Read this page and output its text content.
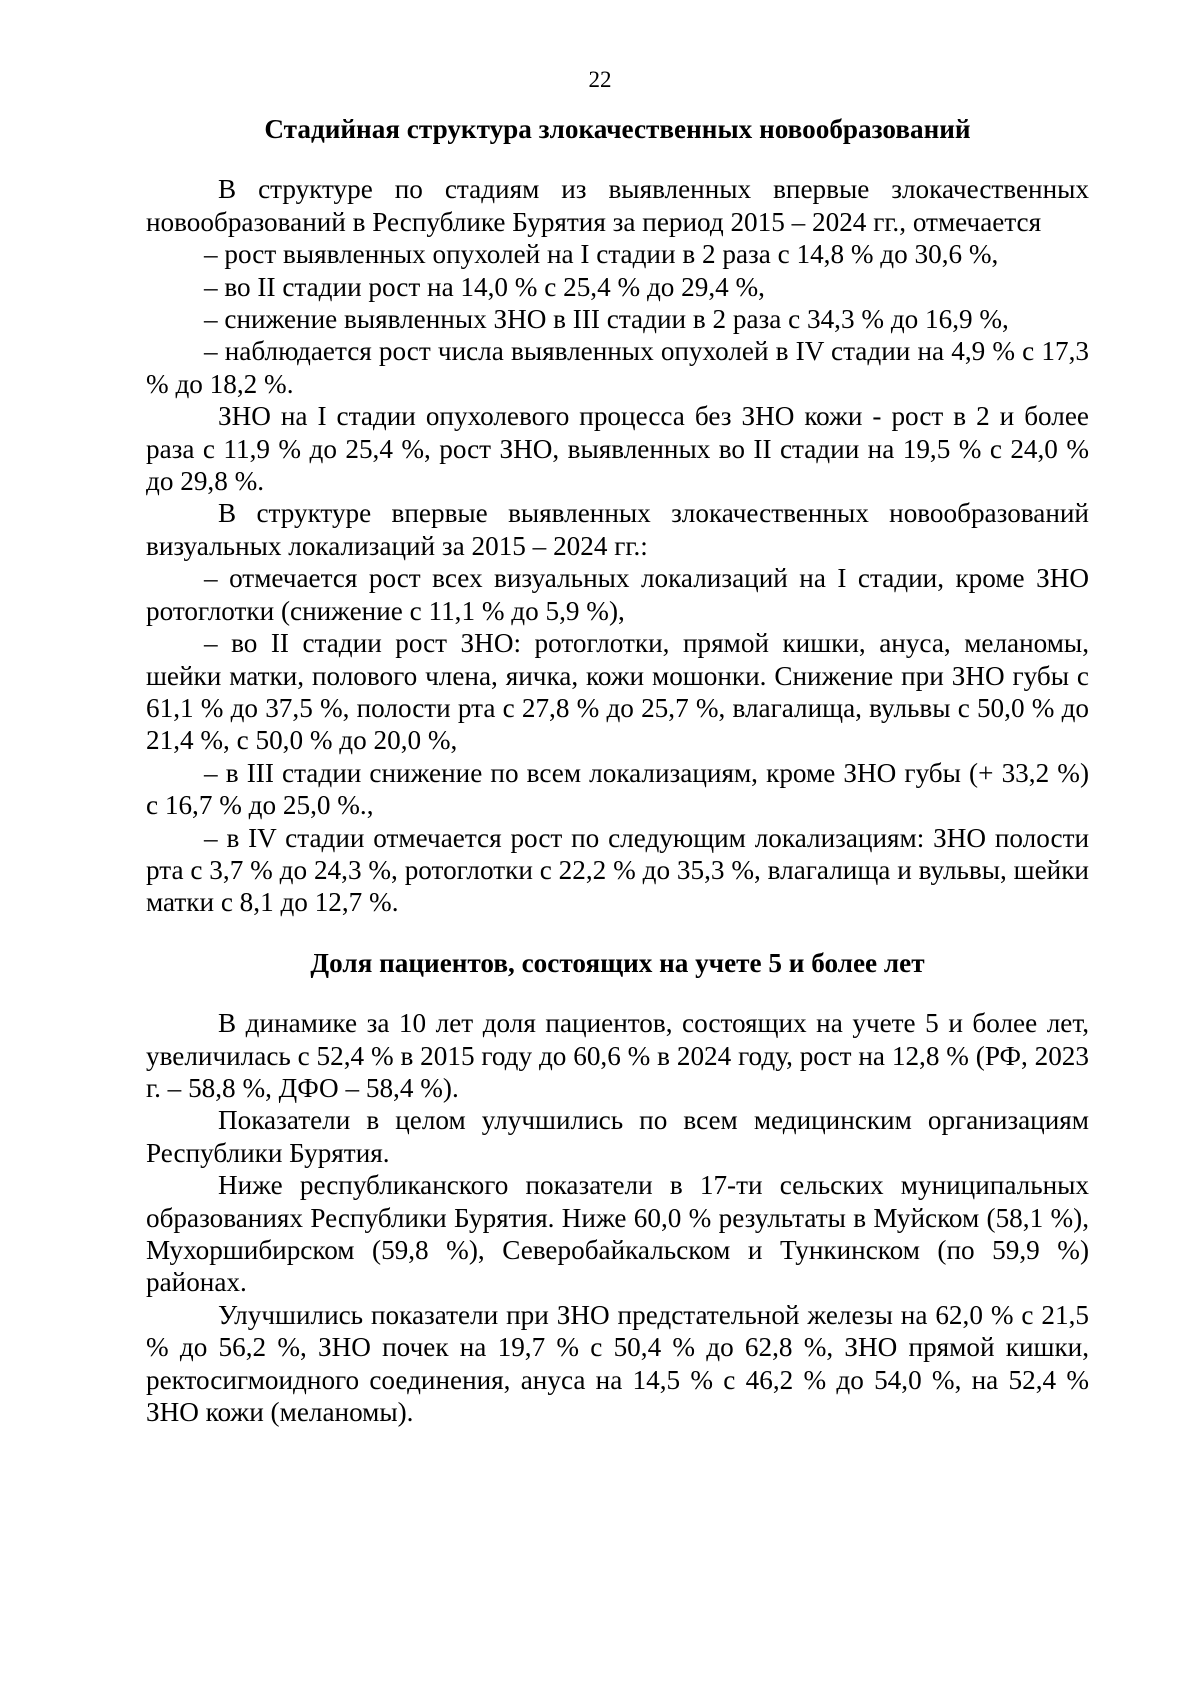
22
Стадийная структура злокачественных новообразований

В структуре по стадиям из выявленных впервые злокачественных новообразований в Республике Бурятия за период 2015 – 2024 гг., отмечается

– рост выявленных опухолей на I стадии в 2 раза с 14,8 % до 30,6 %,

– во II стадии рост на 14,0 % с 25,4 % до 29,4 %,

– снижение выявленных ЗНО в III стадии в 2 раза с 34,3 % до 16,9 %,

– наблюдается рост числа выявленных опухолей в IV стадии на 4,9 % с 17,3 % до 18,2 %.

ЗНО на I стадии опухолевого процесса без ЗНО кожи - рост в 2 и более раза с 11,9 % до 25,4 %, рост ЗНО, выявленных во II стадии на 19,5 % с 24,0 % до 29,8 %.

В структуре впервые выявленных злокачественных новообразований визуальных локализаций за 2015 – 2024 гг.:

– отмечается рост всех визуальных локализаций на I стадии, кроме ЗНО ротоглотки (снижение с 11,1 % до 5,9 %),

– во II стадии рост ЗНО: ротоглотки, прямой кишки, ануса, меланомы, шейки матки, полового члена, яичка, кожи мошонки. Снижение при ЗНО губы с 61,1 % до 37,5 %, полости рта с 27,8 % до 25,7 %, влагалища, вульвы с 50,0 % до 21,4 %, с 50,0 % до 20,0 %,

– в III стадии снижение по всем локализациям, кроме ЗНО губы (+ 33,2 %) с 16,7 % до 25,0 %.,

– в IV стадии отмечается рост по следующим локализациям: ЗНО полости рта с 3,7 % до 24,3 %, ротоглотки с 22,2 % до 35,3 %, влагалища и вульвы, шейки матки с 8,1 до 12,7 %.

Доля пациентов, состоящих на учете 5 и более лет

В динамике за 10 лет доля пациентов, состоящих на учете 5 и более лет, увеличилась с 52,4 % в 2015 году до 60,6 % в 2024 году, рост на 12,8 % (РФ, 2023 г. – 58,8 %, ДФО – 58,4 %).

Показатели в целом улучшились по всем медицинским организациям Республики Бурятия.

Ниже республиканского показатели в 17-ти сельских муниципальных образованиях Республики Бурятия. Ниже 60,0 % результаты в Муйском (58,1 %), Мухоршибирском (59,8 %), Северобайкальском и Тункинском (по 59,9 %) районах.

Улучшились показатели при ЗНО предстательной железы на 62,0 % с 21,5 % до 56,2 %, ЗНО почек на 19,7 % с 50,4 % до 62,8 %, ЗНО прямой кишки, ректосигмоидного соединения, ануса на 14,5 % с 46,2 % до 54,0 %, на 52,4 % ЗНО кожи (меланомы).
